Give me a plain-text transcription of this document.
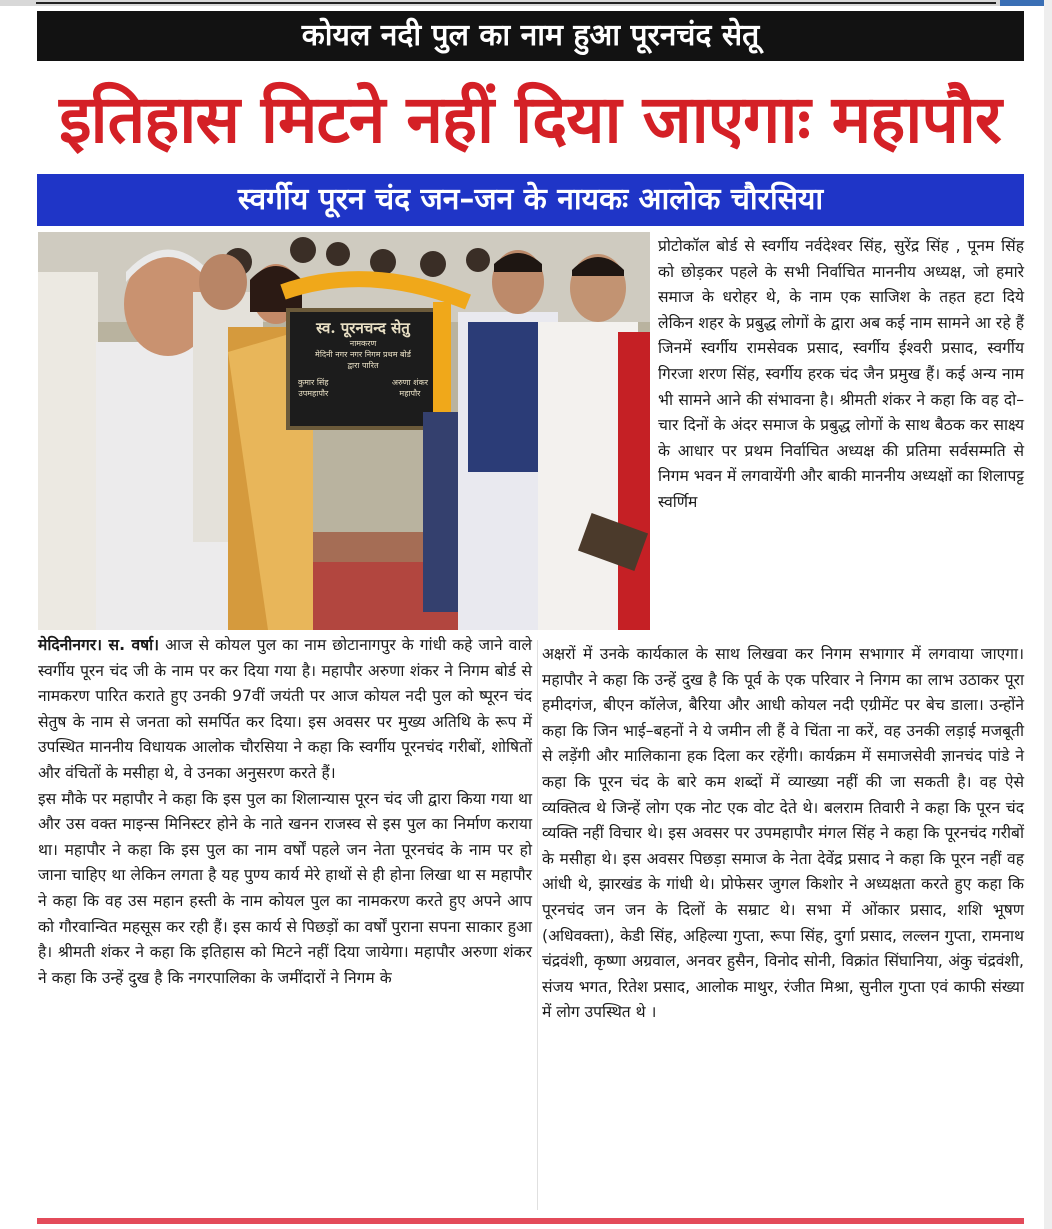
कोयल नदी पुल का नाम हुआ पूरनचंद सेतू
इतिहास मिटने नहीं दिया जाएगाः महापौर
स्वर्गीय पूरन चंद जन–जन के नायकः आलोक चौरसिया
स्व. पूरनचन्द सेतु
नामकरण
मेदिनी नगर नगर निगम प्रथम बोर्ड
द्वारा पारित
कुमार सिंह
उपमहापौर
अरुणा शंकर
महापौर

प्रोटोकॉल बोर्ड से स्वर्गीय नर्वदेश्वर सिंह, सुरेंद्र सिंह , पूनम सिंह को छोड़कर पहले के सभी निर्वाचित माननीय अध्यक्ष, जो हमारे समाज के धरोहर थे, के नाम एक साजिश के तहत हटा दिये लेकिन शहर के प्रबुद्ध लोगों के द्वारा अब कई नाम सामने आ रहे हैं जिनमें स्वर्गीय रामसेवक प्रसाद, स्वर्गीय ईश्वरी प्रसाद, स्वर्गीय गिरजा शरण सिंह, स्वर्गीय हरक चंद जैन प्रमुख हैं। कई अन्य नाम भी सामने आने की संभावना है। श्रीमती शंकर ने कहा कि वह दो–चार दिनों के अंदर समाज के प्रबुद्ध लोगों के साथ बैठक कर साक्ष्य के आधार पर प्रथम निर्वाचित अध्यक्ष की प्रतिमा सर्वसम्मति से निगम भवन में लगवायेंगी और बाकी माननीय अध्यक्षों का शिलापट्ट स्वर्णिम

मेदिनीनगर। स. वर्षा। आज से कोयल पुल का नाम छोटानागपुर के गांधी कहे जाने वाले स्वर्गीय पूरन चंद जी के नाम पर कर दिया गया है। महापौर अरुणा शंकर ने निगम बोर्ड से नामकरण पारित कराते हुए उनकी 97वीं जयंती पर आज कोयल नदी पुल को ष्पूरन चंद सेतुष के नाम से जनता को समर्पित कर दिया। इस अवसर पर मुख्य अतिथि के रूप में उपस्थित माननीय विधायक आलोक चौरसिया ने कहा कि स्वर्गीय पूरनचंद गरीबों, शोषितों और वंचितों के मसीहा थे, वे उनका अनुसरण करते हैं।

इस मौके पर महापौर ने कहा कि इस पुल का शिलान्यास पूरन चंद जी द्वारा किया गया था और उस वक्त माइन्स मिनिस्टर होने के नाते खनन राजस्व से इस पुल का निर्माण कराया था। महापौर ने कहा कि इस पुल का नाम वर्षों पहले जन नेता पूरनचंद के नाम पर हो जाना चाहिए था लेकिन लगता है यह पुण्य कार्य मेरे हाथों से ही होना लिखा था स महापौर ने कहा कि वह उस महान हस्ती के नाम कोयल पुल का नामकरण करते हुए अपने आप को गौरवान्वित महसूस कर रही हैं। इस कार्य से पिछड़ों का वर्षों पुराना सपना साकार हुआ है। श्रीमती शंकर ने कहा कि इतिहास को मिटने नहीं दिया जायेगा। महापौर अरुणा शंकर ने कहा कि उन्हें दुख है कि नगरपालिका के जमींदारों ने निगम के

अक्षरों में उनके कार्यकाल के साथ लिखवा कर निगम सभागार में लगवाया जाएगा। महापौर ने कहा कि उन्हें दुख है कि पूर्व के एक परिवार ने निगम का लाभ उठाकर पूरा हमीदगंज, बीएन कॉलेज, बैरिया और आधी कोयल नदी एग्रीमेंट पर बेच डाला। उन्होंने कहा कि जिन भाई–बहनों ने ये जमीन ली हैं वे चिंता ना करें, वह उनकी लड़ाई मजबूती से लड़ेंगी और मालिकाना हक दिला कर रहेंगी। कार्यक्रम में समाजसेवी ज्ञानचंद पांडे ने कहा कि पूरन चंद के बारे कम शब्दों में व्याख्या नहीं की जा सकती है। वह ऐसे व्यक्तित्व थे जिन्हें लोग एक नोट एक वोट देते थे। बलराम तिवारी ने कहा कि पूरन चंद व्यक्ति नहीं विचार थे। इस अवसर पर उपमहापौर मंगल सिंह ने कहा कि पूरनचंद गरीबों के मसीहा थे। इस अवसर पिछड़ा समाज के नेता देवेंद्र प्रसाद ने कहा कि पूरन नहीं वह आंधी थे, झारखंड के गांधी थे। प्रोफेसर जुगल किशोर ने अध्यक्षता करते हुए कहा कि पूरनचंद जन जन के दिलों के सम्राट थे। सभा में ओंकार प्रसाद, शशि भूषण (अधिवक्ता), केडी सिंह, अहिल्या गुप्ता, रूपा सिंह, दुर्गा प्रसाद, लल्लन गुप्ता, रामनाथ चंद्रवंशी, कृष्णा अग्रवाल, अनवर हुसैन, विनोद सोनी, विक्रांत सिंघानिया, अंकु चंद्रवंशी, संजय भगत, रितेश प्रसाद, आलोक माथुर, रंजीत मिश्रा, सुनील गुप्ता एवं काफी संख्या में लोग उपस्थित थे ।
